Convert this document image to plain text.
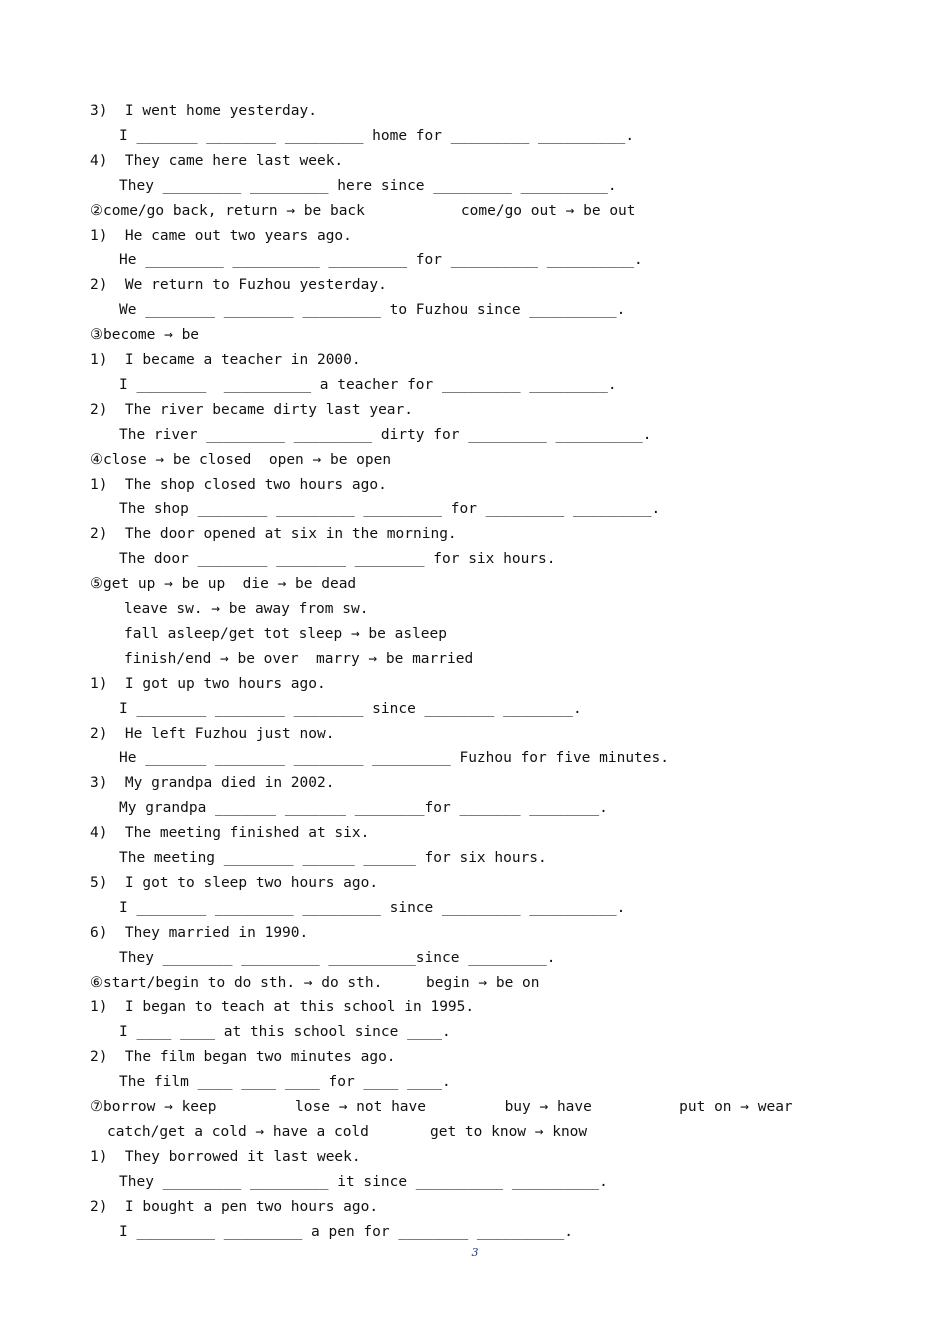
3)  I went home yesterday.
I _______ ________ _________ home for _________ __________.
4)  They came here last week.
They _________ _________ here since _________ __________.
②come/go back, return → be back           come/go out → be out
1)  He came out two years ago.
He _________ __________ _________ for __________ __________.
2)  We return to Fuzhou yesterday.
We ________ ________ _________ to Fuzhou since __________.
③become → be
1)  I became a teacher in 2000.
I ________  __________ a teacher for _________ _________.
2)  The river became dirty last year.
The river _________ _________ dirty for _________ __________.
④close → be closed  open → be open
1)  The shop closed two hours ago.
The shop ________ _________ _________ for _________ _________.
2)  The door opened at six in the morning.
The door ________ ________ ________ for six hours.
⑤get up → be up  die → be dead
leave sw. → be away from sw.
fall asleep/get tot sleep → be asleep
finish/end → be over  marry → be married
1)  I got up two hours ago.
I ________ ________ ________ since ________ ________.
2)  He left Fuzhou just now.
He _______ ________ ________ _________ Fuzhou for five minutes.
3)  My grandpa died in 2002.
My grandpa _______ _______ ________for _______ ________.
4)  The meeting finished at six.
The meeting ________ ______ ______ for six hours.
5)  I got to sleep two hours ago.
I ________ _________ _________ since _________ __________.
6)  They married in 1990.
They ________ _________ __________since _________.
⑥start/begin to do sth. → do sth.     begin → be on
1)  I began to teach at this school in 1995.
I ____ ____ at this school since ____.
2)  The film began two minutes ago.
The film ____ ____ ____ for ____ ____.
⑦borrow → keep         lose → not have         buy → have          put on → wear
catch/get a cold → have a cold       get to know → know
1)  They borrowed it last week.
They _________ _________ it since __________ __________.
2)  I bought a pen two hours ago.
I _________ _________ a pen for ________ __________.
3
